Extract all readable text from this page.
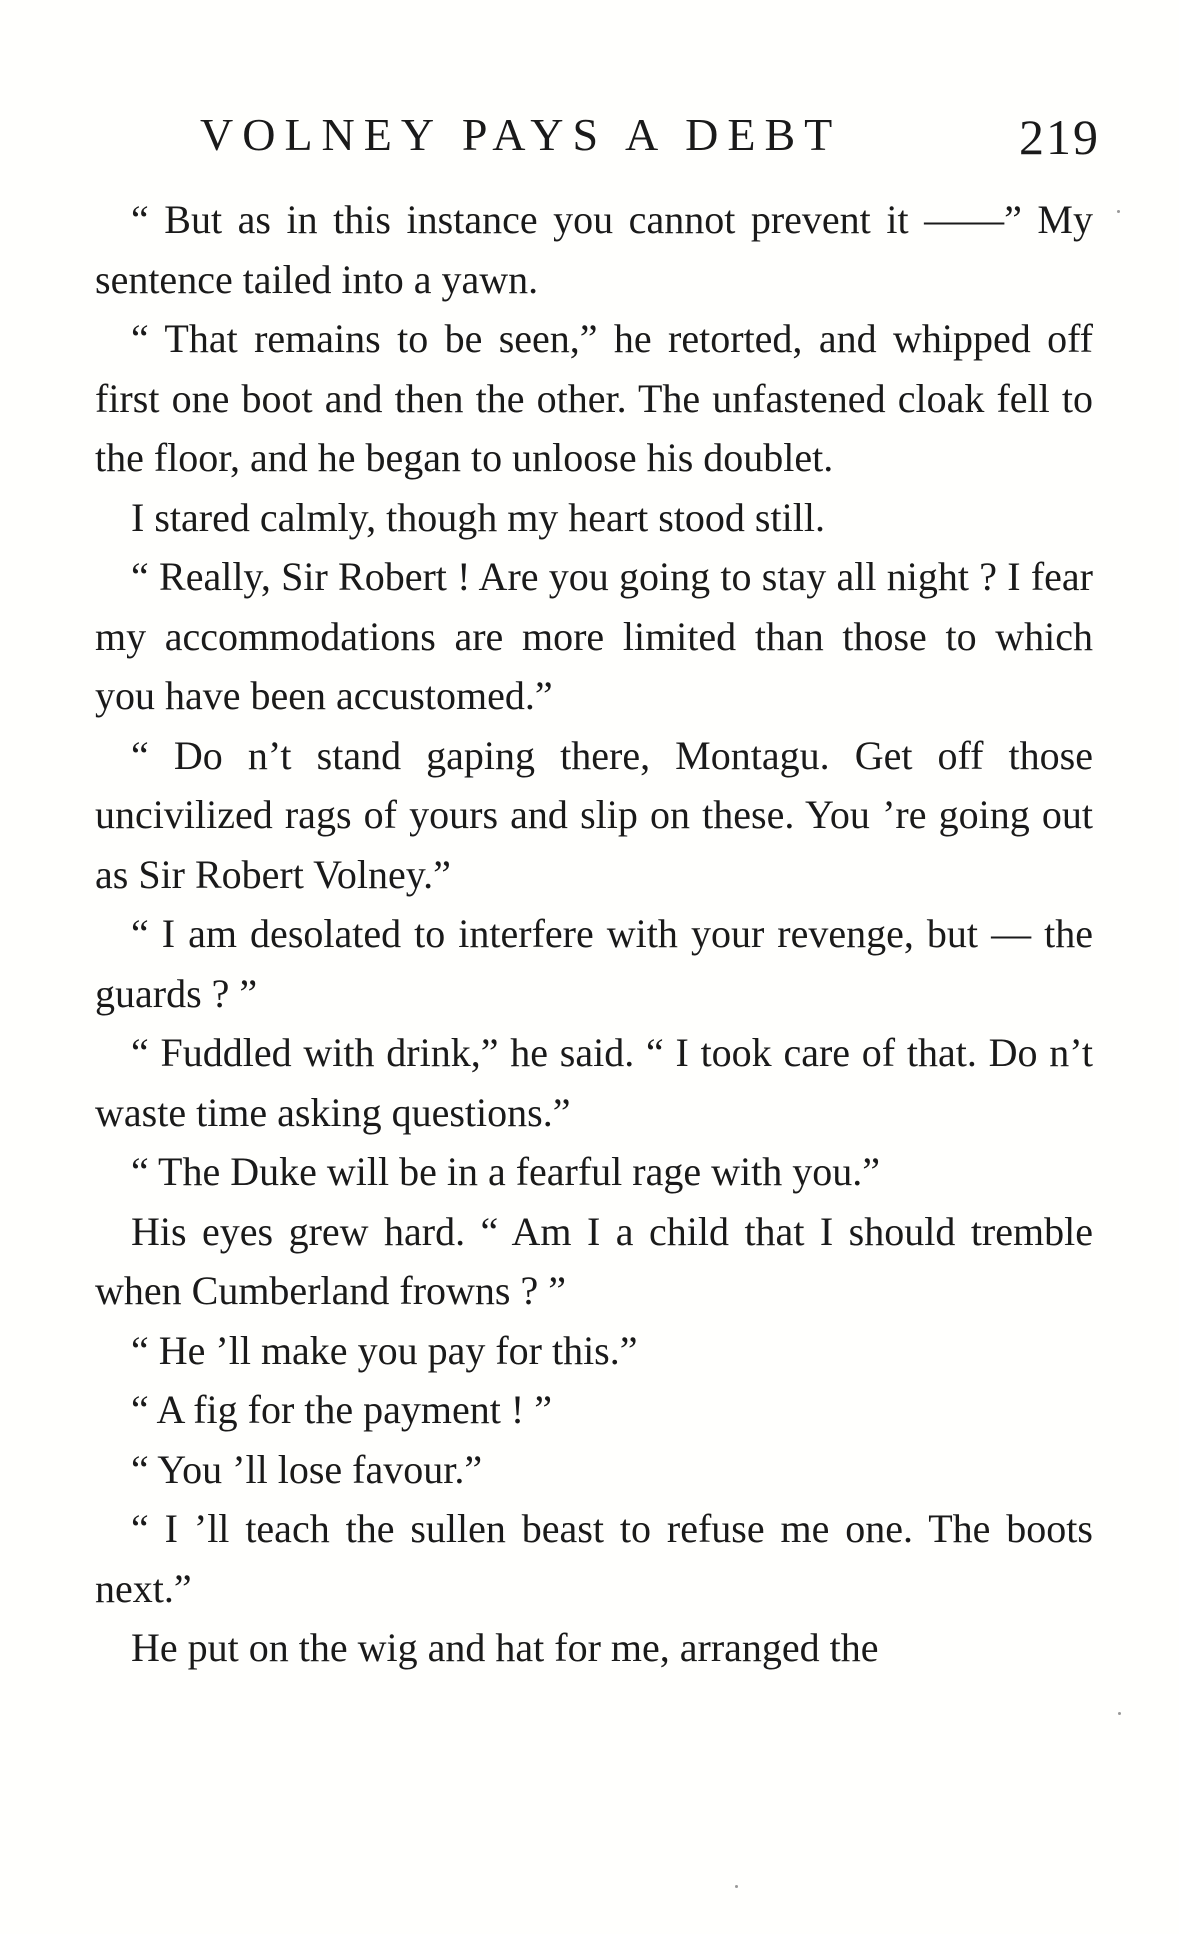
VOLNEY PAYS A DEBT	219

“ But as in this instance you cannot prevent it ——” My sentence tailed into a yawn.

“ That remains to be seen,” he retorted, and whipped off first one boot and then the other. The unfastened cloak fell to the floor, and he began to unloose his doublet.

I stared calmly, though my heart stood still.

“ Really, Sir Robert ! Are you going to stay all night ? I fear my accommodations are more limited than those to which you have been accustomed.”

“ Do n’t stand gaping there, Montagu. Get off those uncivilized rags of yours and slip on these. You ’re going out as Sir Robert Volney.”

“ I am desolated to interfere with your revenge, but — the guards ? ”

“ Fuddled with drink,” he said. “ I took care of that. Do n’t waste time asking questions.”

“ The Duke will be in a fearful rage with you.”

His eyes grew hard. “ Am I a child that I should tremble when Cumberland frowns ? ”

“ He ’ll make you pay for this.”

“ A fig for the payment ! ”

“ You ’ll lose favour.”

“ I ’ll teach the sullen beast to refuse me one. The boots next.”

He put on the wig and hat for me, arranged the
